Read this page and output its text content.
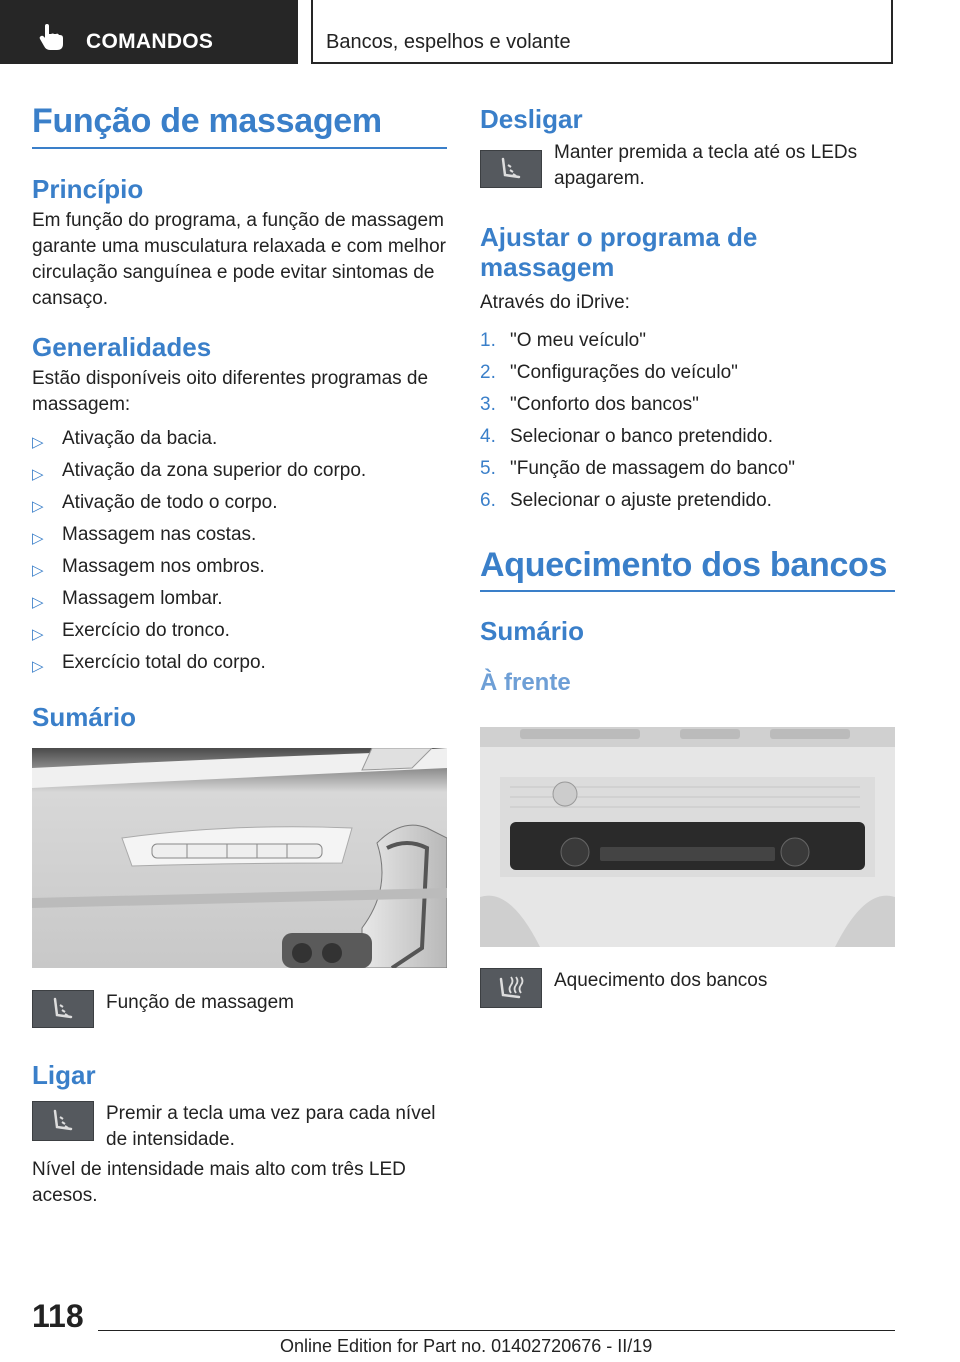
COMANDOS	Bancos, espelhos e volante
Função de massagem
Princípio

Em função do programa, a função de massagem garante uma musculatura relaxada e com melhor circulação sanguínea e pode evitar sintomas de cansaço.

Generalidades

Estão disponíveis oito diferentes programas de massagem:

▷ Ativação da bacia.
▷ Ativação da zona superior do corpo.
▷ Ativação de todo o corpo.
▷ Massagem nas costas.
▷ Massagem nos ombros.
▷ Massagem lombar.
▷ Exercício do tronco.
▷ Exercício total do corpo.
Sumário
Função de massagem
Ligar
Premir a tecla uma vez para cada nível de intensidade.

Nível de intensidade mais alto com três LED acesos.

Desligar
Manter premida a tecla até os LEDs apagarem.
Ajustar o programa de massagem

Através do iDrive:

1. "O meu veículo"
2. "Configurações do veículo"
3. "Conforto dos bancos"
4. Selecionar o banco pretendido.
5. "Função de massagem do banco"
6. Selecionar o ajuste pretendido.
Aquecimento dos bancos
Sumário
À frente
Aquecimento dos bancos
118
Online Edition for Part no. 01402720676 - II/19
